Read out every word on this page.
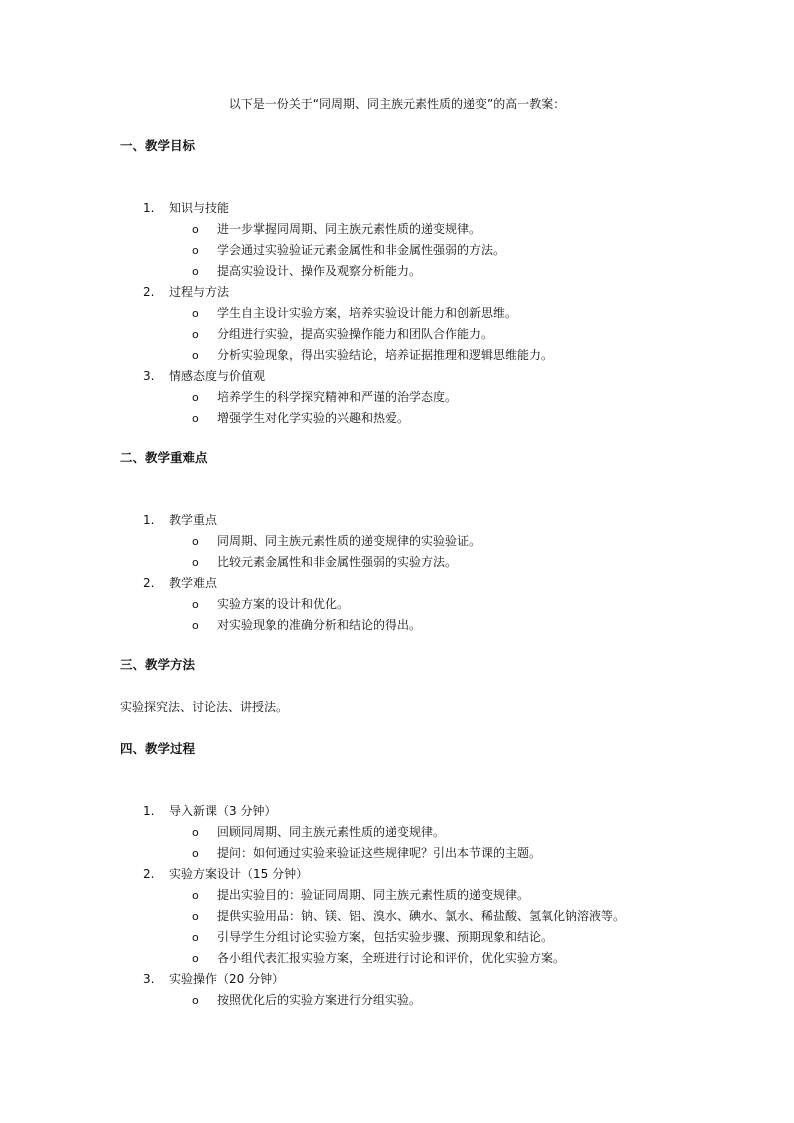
以下是一份关于“同周期、同主族元素性质的递变”的高一教案：
一、教学目标
1.	知识与技能
o	进一步掌握同周期、同主族元素性质的递变规律。
o	学会通过实验验证元素金属性和非金属性强弱的方法。
o	提高实验设计、操作及观察分析能力。
2.	过程与方法
o	学生自主设计实验方案，培养实验设计能力和创新思维。
o	分组进行实验，提高实验操作能力和团队合作能力。
o	分析实验现象，得出实验结论，培养证据推理和逻辑思维能力。
3.	情感态度与价值观
o	培养学生的科学探究精神和严谨的治学态度。
o	增强学生对化学实验的兴趣和热爱。
二、教学重难点
1.	教学重点
o	同周期、同主族元素性质的递变规律的实验验证。
o	比较元素金属性和非金属性强弱的实验方法。
2.	教学难点
o	实验方案的设计和优化。
o	对实验现象的准确分析和结论的得出。
三、教学方法
实验探究法、讨论法、讲授法。
四、教学过程
1.	导入新课（3 分钟）
o	回顾同周期、同主族元素性质的递变规律。
o	提问：如何通过实验来验证这些规律呢？引出本节课的主题。
2.	实验方案设计（15 分钟）
o	提出实验目的：验证同周期、同主族元素性质的递变规律。
o	提供实验用品：钠、镁、铝、溴水、碘水、氯水、稀盐酸、氢氧化钠溶液等。
o	引导学生分组讨论实验方案，包括实验步骤、预期现象和结论。
o	各小组代表汇报实验方案，全班进行讨论和评价，优化实验方案。
3.	实验操作（20 分钟）
o	按照优化后的实验方案进行分组实验。
